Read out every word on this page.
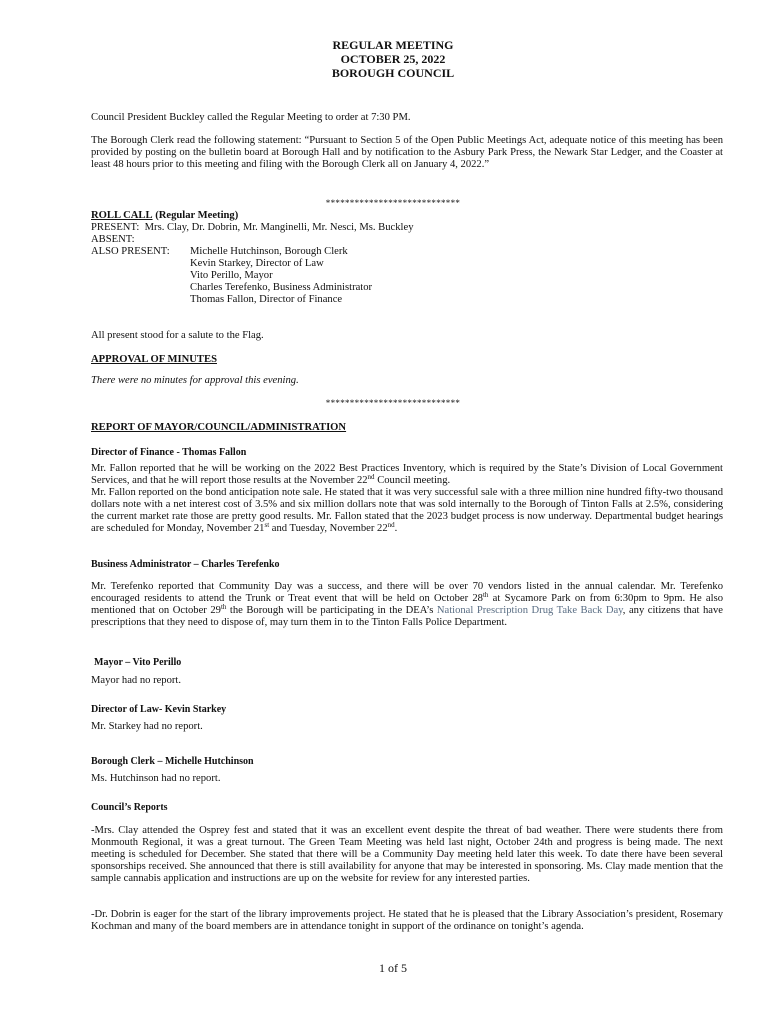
REGULAR MEETING
OCTOBER 25, 2022
BOROUGH COUNCIL
Council President Buckley called the Regular Meeting to order at 7:30 PM.
The Borough Clerk read the following statement: “Pursuant to Section 5 of the Open Public Meetings Act, adequate notice of this meeting has been provided by posting on the bulletin board at Borough Hall and by notification to the Asbury Park Press, the Newark Star Ledger, and the Coaster at least 48 hours prior to this meeting and filing with the Borough Clerk all on January 4, 2022.”
****************************
ROLL CALL (Regular Meeting)
PRESENT: Mrs. Clay, Dr. Dobrin, Mr. Manginelli, Mr. Nesci, Ms. Buckley
ABSENT:
ALSO PRESENT:	Michelle Hutchinson, Borough Clerk
Kevin Starkey, Director of Law
Vito Perillo, Mayor
Charles Terefenko, Business Administrator
Thomas Fallon, Director of Finance
All present stood for a salute to the Flag.
APPROVAL OF MINUTES
There were no minutes for approval this evening.
****************************
REPORT OF MAYOR/COUNCIL/ADMINISTRATION
Director of Finance - Thomas Fallon
Mr. Fallon reported that he will be working on the 2022 Best Practices Inventory, which is required by the State’s Division of Local Government Services, and that he will report those results at the November 22nd Council meeting.
Mr. Fallon reported on the bond anticipation note sale. He stated that it was very successful sale with a three million nine hundred fifty-two thousand dollars note with a net interest cost of 3.5% and six million dollars note that was sold internally to the Borough of Tinton Falls at 2.5%, considering the current market rate those are pretty good results. Mr. Fallon stated that the 2023 budget process is now underway. Departmental budget hearings are scheduled for Monday, November 21st and Tuesday, November 22nd.
Business Administrator – Charles Terefenko
Mr. Terefenko reported that Community Day was a success, and there will be over 70 vendors listed in the annual calendar. Mr. Terefenko encouraged residents to attend the Trunk or Treat event that will be held on October 28th at Sycamore Park on from 6:30pm to 9pm. He also mentioned that on October 29th the Borough will be participating in the DEA’s National Prescription Drug Take Back Day, any citizens that have prescriptions that they need to dispose of, may turn them in to the Tinton Falls Police Department.
Mayor – Vito Perillo
Mayor had no report.
Director of Law- Kevin Starkey
Mr. Starkey had no report.
Borough Clerk – Michelle Hutchinson
Ms. Hutchinson had no report.
Council’s Reports
-Mrs. Clay attended the Osprey fest and stated that it was an excellent event despite the threat of bad weather. There were students there from Monmouth Regional, it was a great turnout. The Green Team Meeting was held last night, October 24th and progress is being made. The next meeting is scheduled for December. She stated that there will be a Community Day meeting held later this week. To date there have been several sponsorships received. She announced that there is still availability for anyone that may be interested in sponsoring. Ms. Clay made mention that the sample cannabis application and instructions are up on the website for review for any interested parties.
-Dr. Dobrin is eager for the start of the library improvements project. He stated that he is pleased that the Library Association’s president, Rosemary Kochman and many of the board members are in attendance tonight in support of the ordinance on tonight’s agenda.
1 of 5
